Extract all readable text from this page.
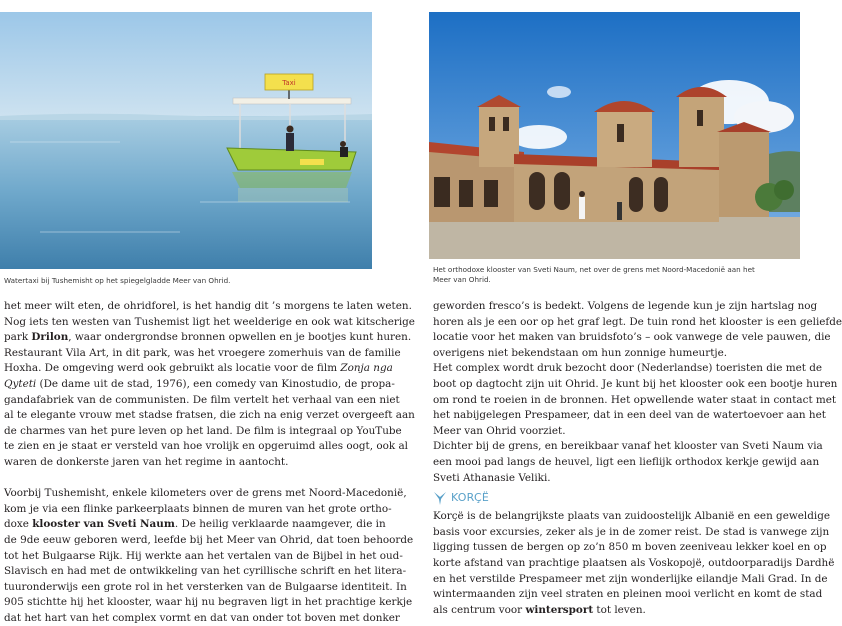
Taxi
Watertaxi bij Tushemisht op het spiegelgladde Meer van Ohrid.
Het orthodoxe klooster van Sveti Naum, net over de grens met Noord-Macedonië aan het Meer van Ohrid.

het meer wilt eten, de ohridforel, is het handig dit ’s morgens te laten weten.
Nog iets ten westen van Tushemist ligt het weelderige en ook wat kitscherige
park Drilon, waar ondergrondse bronnen opwellen en je bootjes kunt huren.
Restaurant Vila Art, in dit park, was het vroegere zomerhuis van de familie
Hoxha. De omgeving werd ook gebruikt als locatie voor de film Zonja nga
Qyteti (De dame uit de stad, 1976), een comedy van Kinostudio, de propa-
gandafabriek van de communisten. De film vertelt het verhaal van een niet
al te elegante vrouw met stadse fratsen, die zich na enig verzet overgeeft aan
de charmes van het pure leven op het land. De film is integraal op YouTube
te zien en je staat er versteld van hoe vrolijk en opgeruimd alles oogt, ook al
waren de donkerste jaren van het regime in aantocht.

Voorbij Tushemisht, enkele kilometers over de grens met Noord-Macedonië,
kom je via een flinke parkeerplaats binnen de muren van het grote ortho-
doxe klooster van Sveti Naum. De heilig verklaarde naamgever, die in
de 9de eeuw geboren werd, leefde bij het Meer van Ohrid, dat toen behoorde
tot het Bulgaarse Rijk. Hij werkte aan het vertalen van de Bijbel in het oud-
Slavisch en had met de ontwikkeling van het cyrillische schrift en het litera-
tuuronderwijs een grote rol in het versterken van de Bulgaarse identiteit. In
905 stichtte hij het klooster, waar hij nu begraven ligt in het prachtige kerkje
dat het hart van het complex vormt en dat van onder tot boven met donker

geworden fresco’s is bedekt. Volgens de legende kun je zijn hartslag nog
horen als je een oor op het graf legt. De tuin rond het klooster is een geliefde
locatie voor het maken van bruidsfoto’s – ook vanwege de vele pauwen, die
overigens niet bekendstaan om hun zonnige humeurtje.
Het complex wordt druk bezocht door (Nederlandse) toeristen die met de
boot op dagtocht zijn uit Ohrid. Je kunt bij het klooster ook een bootje huren
om rond te roeien in de bronnen. Het opwellende water staat in contact met
het nabijgelegen Prespameer, dat in een deel van de watertoevoer aan het
Meer van Ohrid voorziet.
Dichter bij de grens, en bereikbaar vanaf het klooster van Sveti Naum via
een mooi pad langs de heuvel, ligt een lieflijk orthodox kerkje gewijd aan
Sveti Athanasie Veliki.

KORÇË

Korçë is de belangrijkste plaats van zuidoostelijk Albanië en een geweldige
basis voor excursies, zeker als je in de zomer reist. De stad is vanwege zijn
ligging tussen de bergen op zo’n 850 m boven zeeniveau lekker koel en op
korte afstand van prachtige plaatsen als Voskopojë, outdoorparadijs Dardhë
en het verstilde Prespameer met zijn wonderlijke eilandje Mali Grad. In de
wintermaanden zijn veel straten en pleinen mooi verlicht en komt de stad
als centrum voor wintersport tot leven.
